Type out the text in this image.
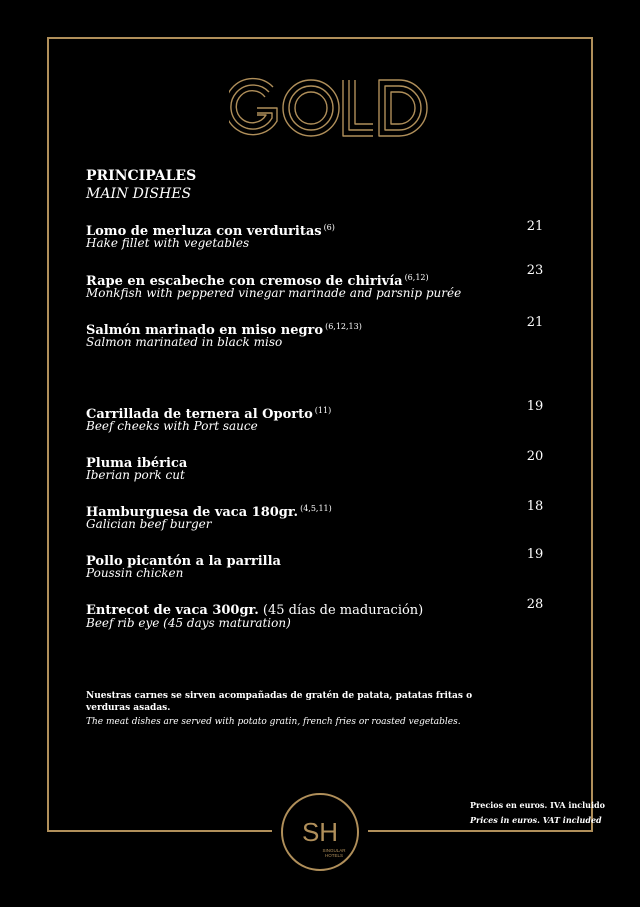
GOLD
PRINCIPALES
MAIN DISHES
Lomo de merluza con verduritas $^{(6)}$
Hake fillet with vegetables
21
Rape en escabeche con cremoso de chirivía $^{(6,12)}$
Monkfish with peppered vinegar marinade and parsnip purée
23
Salmón marinado en miso negro $^{(6,12,13)}$
Salmon marinated in black miso
21
Carrillada de ternera al Oporto $^{(11)}$
Beef cheeks with Port sauce
19
Pluma ibérica
Iberian pork cut
20
Hamburguesa de vaca 180gr. $^{(4,5,11)}$
Galician beef burger
18
Pollo picantón a la parrilla
Poussin chicken
19
Entrecot de vaca 300gr. (45 días de maduración)
Beef rib eye (45 days maturation)
28
Nuestras carnes se sirven acompañadas de gratén de patata, patatas fritas o verduras asadas.
The meat dishes are served with potato gratin, french fries or roasted vegetables.
Precios en euros. IVA incluido
Prices in euros. VAT included
SH
SINGULAR
HOTELS
